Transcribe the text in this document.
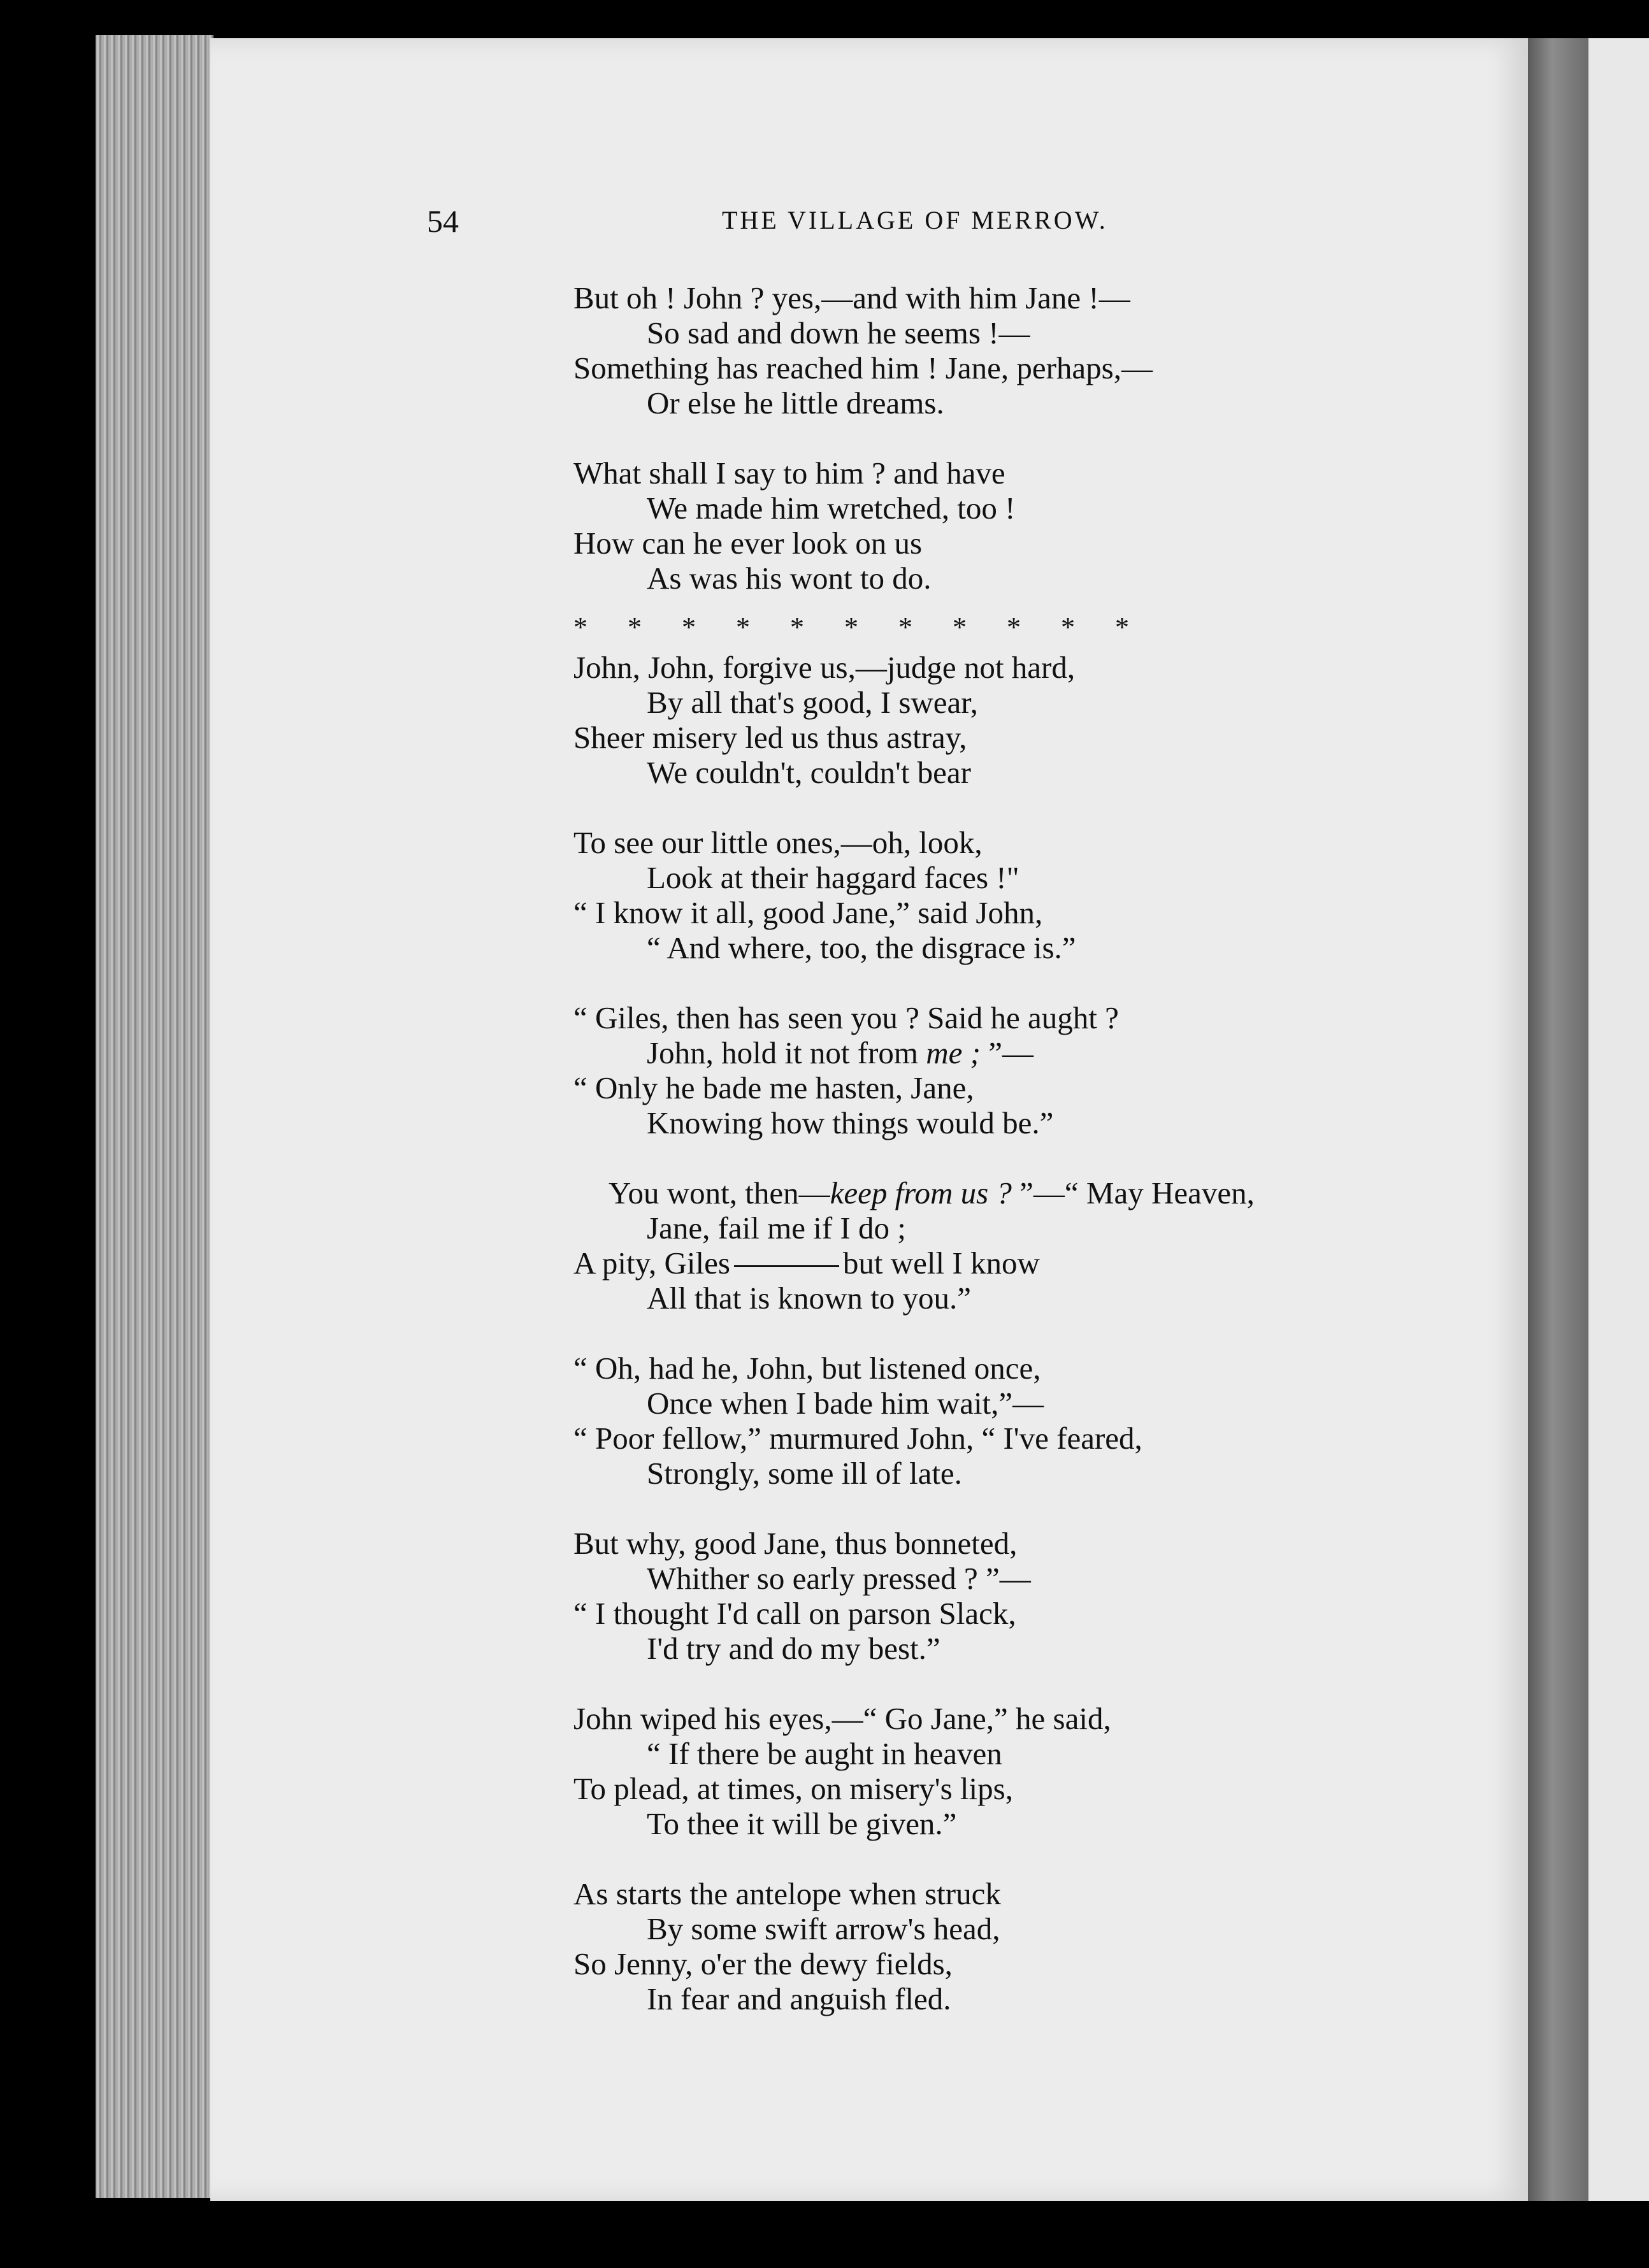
54	THE VILLAGE OF MERROW.
But oh ! John ? yes,—and with him Jane !—
So sad and down he seems !—
Something has reached him ! Jane, perhaps,—
Or else he little dreams.
What shall I say to him ? and have
We made him wretched, too !
How can he ever look on us
As was his wont to do.
* * * * * * * * * * *
John, John, forgive us,—judge not hard,
By all that's good, I swear,
Sheer misery led us thus astray,
We couldn't, couldn't bear
To see our little ones,—oh, look,
Look at their haggard faces !"
“ I know it all, good Jane,” said John,
“ And where, too, the disgrace is.”
“ Giles, then has seen you ? Said he aught ?
John, hold it not from me ; ”—
“ Only he bade me hasten, Jane,
Knowing how things would be.”
You wont, then—keep from us ? ”—“ May Heaven,
Jane, fail me if I do ;
A pity, Giles	but well I know
All that is known to you.”
“ Oh, had he, John, but listened once,
Once when I bade him wait,”—
“ Poor fellow,” murmured John, “ I've feared,
Strongly, some ill of late.
But why, good Jane, thus bonneted,
Whither so early pressed ? ”—
“ I thought I'd call on parson Slack,
I'd try and do my best.”
John wiped his eyes,—“ Go Jane,” he said,
“ If there be aught in heaven
To plead, at times, on misery's lips,
To thee it will be given.”
As starts the antelope when struck
By some swift arrow's head,
So Jenny, o'er the dewy fields,
In fear and anguish fled.
